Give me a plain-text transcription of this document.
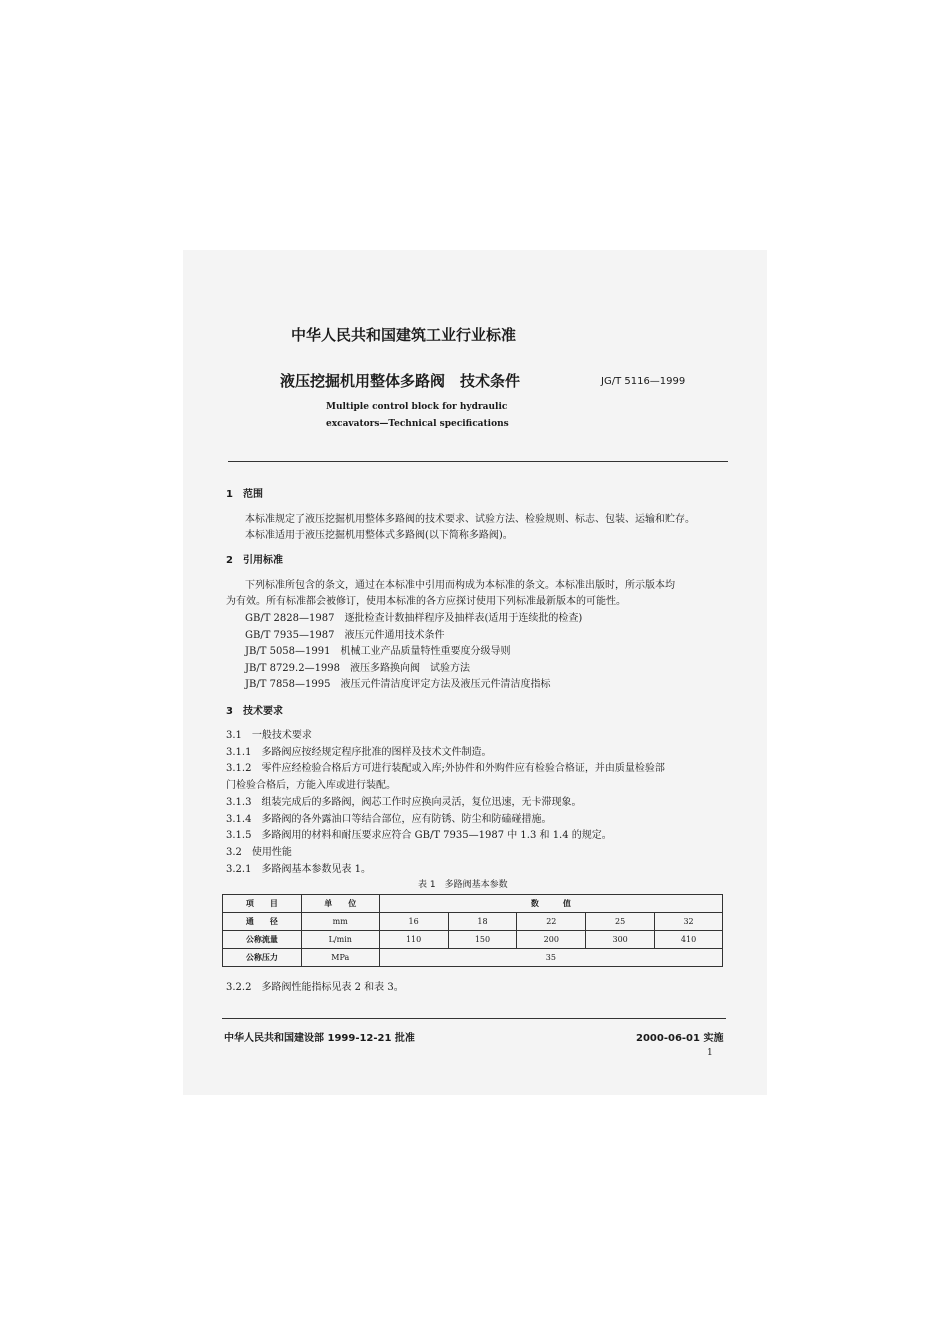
中华人民共和国建筑工业行业标准
液压挖掘机用整体多路阀　技术条件	JG/T 5116—1999
Multiple control block for hydraulic
excavators—Technical specifications
1　范围
本标准规定了液压挖掘机用整体多路阀的技术要求、试验方法、检验规则、标志、包装、运输和贮存。
本标准适用于液压挖掘机用整体式多路阀(以下简称多路阀)。
2　引用标准
下列标准所包含的条文，通过在本标准中引用而构成为本标准的条文。本标准出版时，所示版本均
为有效。所有标准都会被修订，使用本标准的各方应探讨使用下列标准最新版本的可能性。
GB/T 2828—1987　逐批检查计数抽样程序及抽样表(适用于连续批的检查)
GB/T 7935—1987　液压元件通用技术条件
JB/T 5058—1991　机械工业产品质量特性重要度分级导则
JB/T 8729.2—1998　液压多路换向阀　试验方法
JB/T 7858—1995　液压元件清洁度评定方法及液压元件清洁度指标
3　技术要求
3.1　一般技术要求
3.1.1　多路阀应按经规定程序批准的图样及技术文件制造。
3.1.2　零件应经检验合格后方可进行装配或入库;外协件和外购件应有检验合格证，并由质量检验部
门检验合格后，方能入库或进行装配。
3.1.3　组装完成后的多路阀，阀芯工作时应换向灵活，复位迅速，无卡滞现象。
3.1.4　多路阀的各外露油口等结合部位，应有防锈、防尘和防磕碰措施。
3.1.5　多路阀用的材料和耐压要求应符合 GB/T 7935—1987 中 1.3 和 1.4 的规定。
3.2　使用性能
3.2.1　多路阀基本参数见表 1。
表 1　多路阀基本参数
项　　目	单　　位	数　　　值				
通　　径	mm	16	18	22	25	32
公称流量	L/min	110	150	200	300	410
公称压力	MPa	35				
3.2.2　多路阀性能指标见表 2 和表 3。
中华人民共和国建设部 1999-12-21 批准	2000-06-01 实施
1
